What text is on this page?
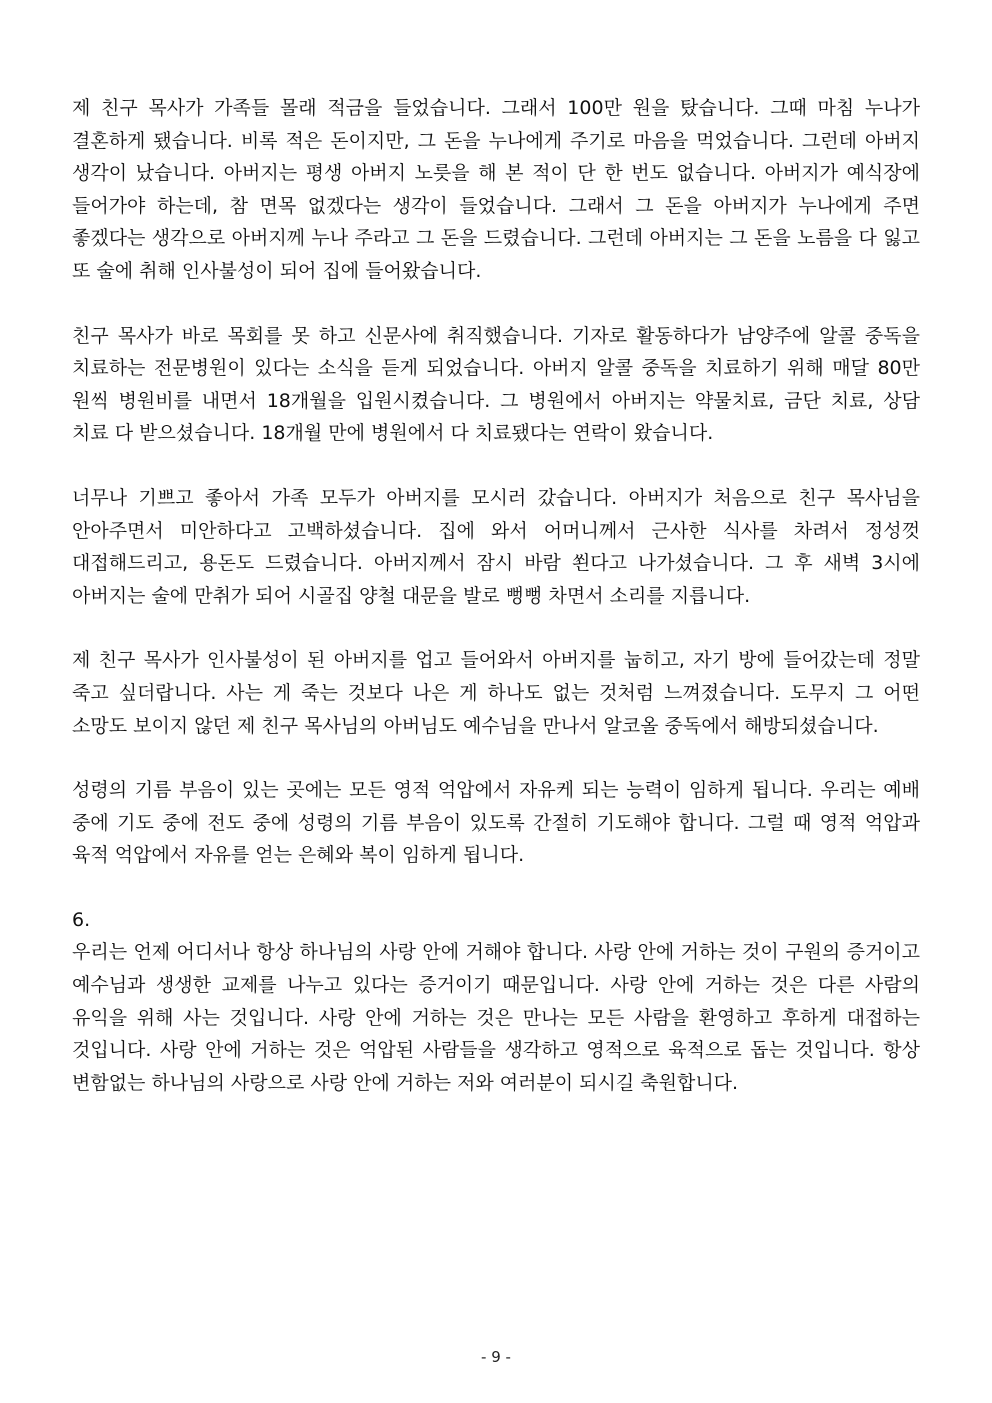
제 친구 목사가 가족들 몰래 적금을 들었습니다. 그래서 100만 원을 탔습니다. 그때 마침 누나가 결혼하게 됐습니다. 비록 적은 돈이지만, 그 돈을 누나에게 주기로 마음을 먹었습니다. 그런데 아버지 생각이 났습니다. 아버지는 평생 아버지 노릇을 해 본 적이 단 한 번도 없습니다. 아버지가 예식장에 들어가야 하는데, 참 면목 없겠다는 생각이 들었습니다. 그래서 그 돈을 아버지가 누나에게 주면 좋겠다는 생각으로 아버지께 누나 주라고 그 돈을 드렸습니다. 그런데 아버지는 그 돈을 노름을 다 잃고 또 술에 취해 인사불성이 되어 집에 들어왔습니다.

친구 목사가 바로 목회를 못 하고 신문사에 취직했습니다. 기자로 활동하다가 남양주에 알콜 중독을 치료하는 전문병원이 있다는 소식을 듣게 되었습니다. 아버지 알콜 중독을 치료하기 위해 매달 80만 원씩 병원비를 내면서 18개월을 입원시켰습니다. 그 병원에서 아버지는 약물치료, 금단 치료, 상담 치료 다 받으셨습니다. 18개월 만에 병원에서 다 치료됐다는 연락이 왔습니다.

너무나 기쁘고 좋아서 가족 모두가 아버지를 모시러 갔습니다. 아버지가 처음으로 친구 목사님을 안아주면서 미안하다고 고백하셨습니다. 집에 와서 어머니께서 근사한 식사를 차려서 정성껏 대접해드리고, 용돈도 드렸습니다. 아버지께서 잠시 바람 쐰다고 나가셨습니다. 그 후 새벽 3시에 아버지는 술에 만취가 되어 시골집 양철 대문을 발로 뻥뻥 차면서 소리를 지릅니다.

제 친구 목사가 인사불성이 된 아버지를 업고 들어와서 아버지를 눕히고, 자기 방에 들어갔는데 정말 죽고 싶더랍니다. 사는 게 죽는 것보다 나은 게 하나도 없는 것처럼 느껴졌습니다. 도무지 그 어떤 소망도 보이지 않던 제 친구 목사님의 아버님도 예수님을 만나서 알코올 중독에서 해방되셨습니다.

성령의 기름 부음이 있는 곳에는 모든 영적 억압에서 자유케 되는 능력이 임하게 됩니다. 우리는 예배 중에 기도 중에 전도 중에 성령의 기름 부음이 있도록 간절히 기도해야 합니다. 그럴 때 영적 억압과 육적 억압에서 자유를 얻는 은혜와 복이 임하게 됩니다.

6.

우리는 언제 어디서나 항상 하나님의 사랑 안에 거해야 합니다. 사랑 안에 거하는 것이 구원의 증거이고 예수님과 생생한 교제를 나누고 있다는 증거이기 때문입니다. 사랑 안에 거하는 것은 다른 사람의 유익을 위해 사는 것입니다. 사랑 안에 거하는 것은 만나는 모든 사람을 환영하고 후하게 대접하는 것입니다. 사랑 안에 거하는 것은 억압된 사람들을 생각하고 영적으로 육적으로 돕는 것입니다. 항상 변함없는 하나님의 사랑으로 사랑 안에 거하는 저와 여러분이 되시길 축원합니다.

- 9 -
